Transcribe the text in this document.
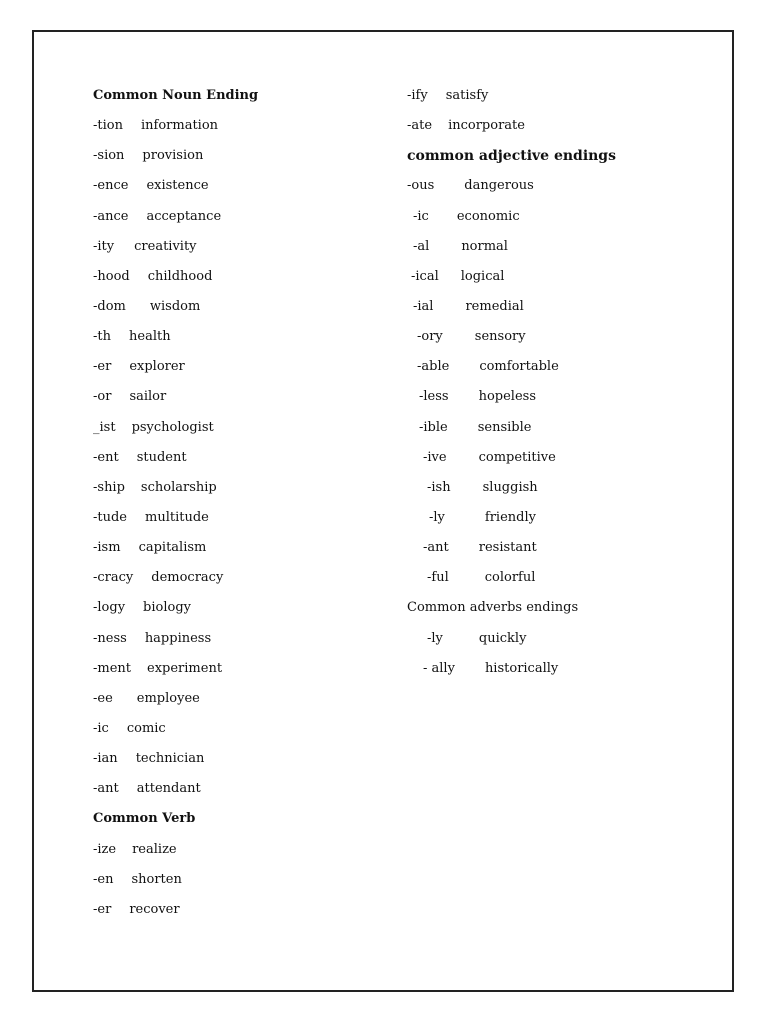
Common Noun Ending
-tion information
-sion provision
-ence existence
-ance acceptance
-ity creativity
-hood childhood
-dom wisdom
-th health
-er explorer
-or sailor
_ist psychologist
-ent student
-ship scholarship
-tude multitude
-ism capitalism
-cracy democracy
-logy biology
-ness happiness
-ment experiment
-ee employee
-ic comic
-ian technician
-ant attendant
Common Verb
-ize realize
-en shorten
-er recover
-ify satisfy
-ate incorporate
common adjective endings
-ous dangerous
-ic economic
-al normal
-ical logical
-ial remedial
-ory sensory
-able comfortable
-less hopeless
-ible sensible
-ive competitive
-ish sluggish
-ly	friendly
-ant resistant
-ful	colorful
Common adverbs endings
-ly	quickly
- ally historically
